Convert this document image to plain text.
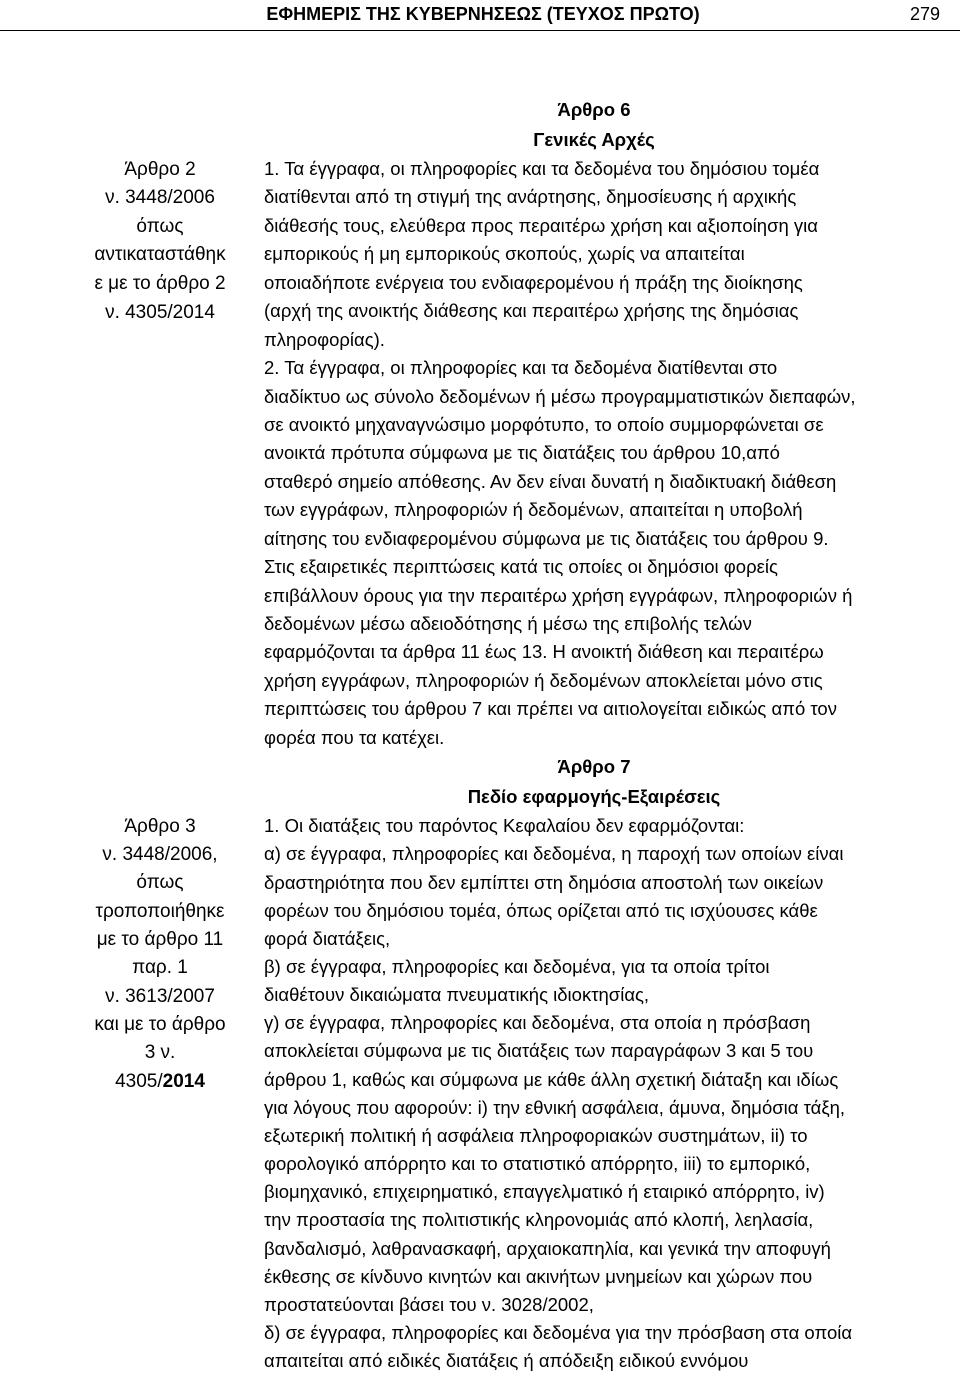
ΕΦΗΜΕΡΙΣ ΤΗΣ ΚΥΒΕΡΝΗΣΕΩΣ (ΤΕΥΧΟΣ ΠΡΩΤΟ)	279
Άρθρο 2
ν. 3448/2006
όπως
αντικαταστάθηκ
ε με το άρθρο 2
ν. 4305/2014
Άρθρο 3
ν. 3448/2006,
όπως
τροποποιήθηκε
με το άρθρο 11
παρ. 1
ν. 3613/2007
και με το άρθρο
3 ν.
4305/2014
Άρθρο 6
Γενικές Αρχές
1. Τα έγγραφα, οι πληροφορίες και τα δεδομένα του δημόσιου τομέα
διατίθενται από τη στιγμή της ανάρτησης, δημοσίευσης ή αρχικής
διάθεσής τους, ελεύθερα προς περαιτέρω χρήση και αξιοποίηση για
εμπορικούς ή μη εμπορικούς σκοπούς, χωρίς να απαιτείται
οποιαδήποτε ενέργεια του ενδιαφερομένου ή πράξη της διοίκησης
(αρχή της ανοικτής διάθεσης και περαιτέρω χρήσης της δημόσιας
πληροφορίας).
2. Τα έγγραφα, οι πληροφορίες και τα δεδομένα διατίθενται στο
διαδίκτυο ως σύνολο δεδομένων ή μέσω προγραμματιστικών διεπαφών,
σε ανοικτό μηχαναγνώσιμο μορφότυπο, το οποίο συμμορφώνεται σε
ανοικτά πρότυπα σύμφωνα με τις διατάξεις του άρθρου 10,από
σταθερό σημείο απόθεσης. Αν δεν είναι δυνατή η διαδικτυακή διάθεση
των εγγράφων, πληροφοριών ή δεδομένων, απαιτείται η υποβολή
αίτησης του ενδιαφερομένου σύμφωνα με τις διατάξεις του άρθρου 9.
Στις εξαιρετικές περιπτώσεις κατά τις οποίες οι δημόσιοι φορείς
επιβάλλουν όρους για την περαιτέρω χρήση εγγράφων, πληροφοριών ή
δεδομένων μέσω αδειοδότησης ή μέσω της επιβολής τελών
εφαρμόζονται τα άρθρα 11 έως 13. Η ανοικτή διάθεση και περαιτέρω
χρήση εγγράφων, πληροφοριών ή δεδομένων αποκλείεται μόνο στις
περιπτώσεις του άρθρου 7 και πρέπει να αιτιολογείται ειδικώς από τον
φορέα που τα κατέχει.
Άρθρο 7
Πεδίο εφαρμογής-Εξαιρέσεις
1. Οι διατάξεις του παρόντος Κεφαλαίου δεν εφαρμόζονται:
α) σε έγγραφα, πληροφορίες και δεδομένα, η παροχή των οποίων είναι
δραστηριότητα που δεν εμπίπτει στη δημόσια αποστολή των οικείων
φορέων του δημόσιου τομέα, όπως ορίζεται από τις ισχύουσες κάθε
φορά διατάξεις,
β) σε έγγραφα, πληροφορίες και δεδομένα, για τα οποία τρίτοι
διαθέτουν δικαιώματα πνευματικής ιδιοκτησίας,
γ) σε έγγραφα, πληροφορίες και δεδομένα, στα οποία η πρόσβαση
αποκλείεται σύμφωνα με τις διατάξεις των παραγράφων 3 και 5 του
άρθρου 1, καθώς και σύμφωνα με κάθε άλλη σχετική διάταξη και ιδίως
για λόγους που αφορούν: i) την εθνική ασφάλεια, άμυνα, δημόσια τάξη,
εξωτερική πολιτική ή ασφάλεια πληροφοριακών συστημάτων, ii) το
φορολογικό απόρρητο και το στατιστικό απόρρητο, iii) το εμπορικό,
βιομηχανικό, επιχειρηματικό, επαγγελματικό ή εταιρικό απόρρητο, iv)
την προστασία της πολιτιστικής κληρονομιάς από κλοπή, λεηλασία,
βανδαλισμό, λαθρανασκαφή, αρχαιοκαπηλία, και γενικά την αποφυγή
έκθεσης σε κίνδυνο κινητών και ακινήτων μνημείων και χώρων που
προστατεύονται βάσει του ν. 3028/2002,
δ) σε έγγραφα, πληροφορίες και δεδομένα για την πρόσβαση στα οποία
απαιτείται από ειδικές διατάξεις ή απόδειξη ειδικού εννόμου
